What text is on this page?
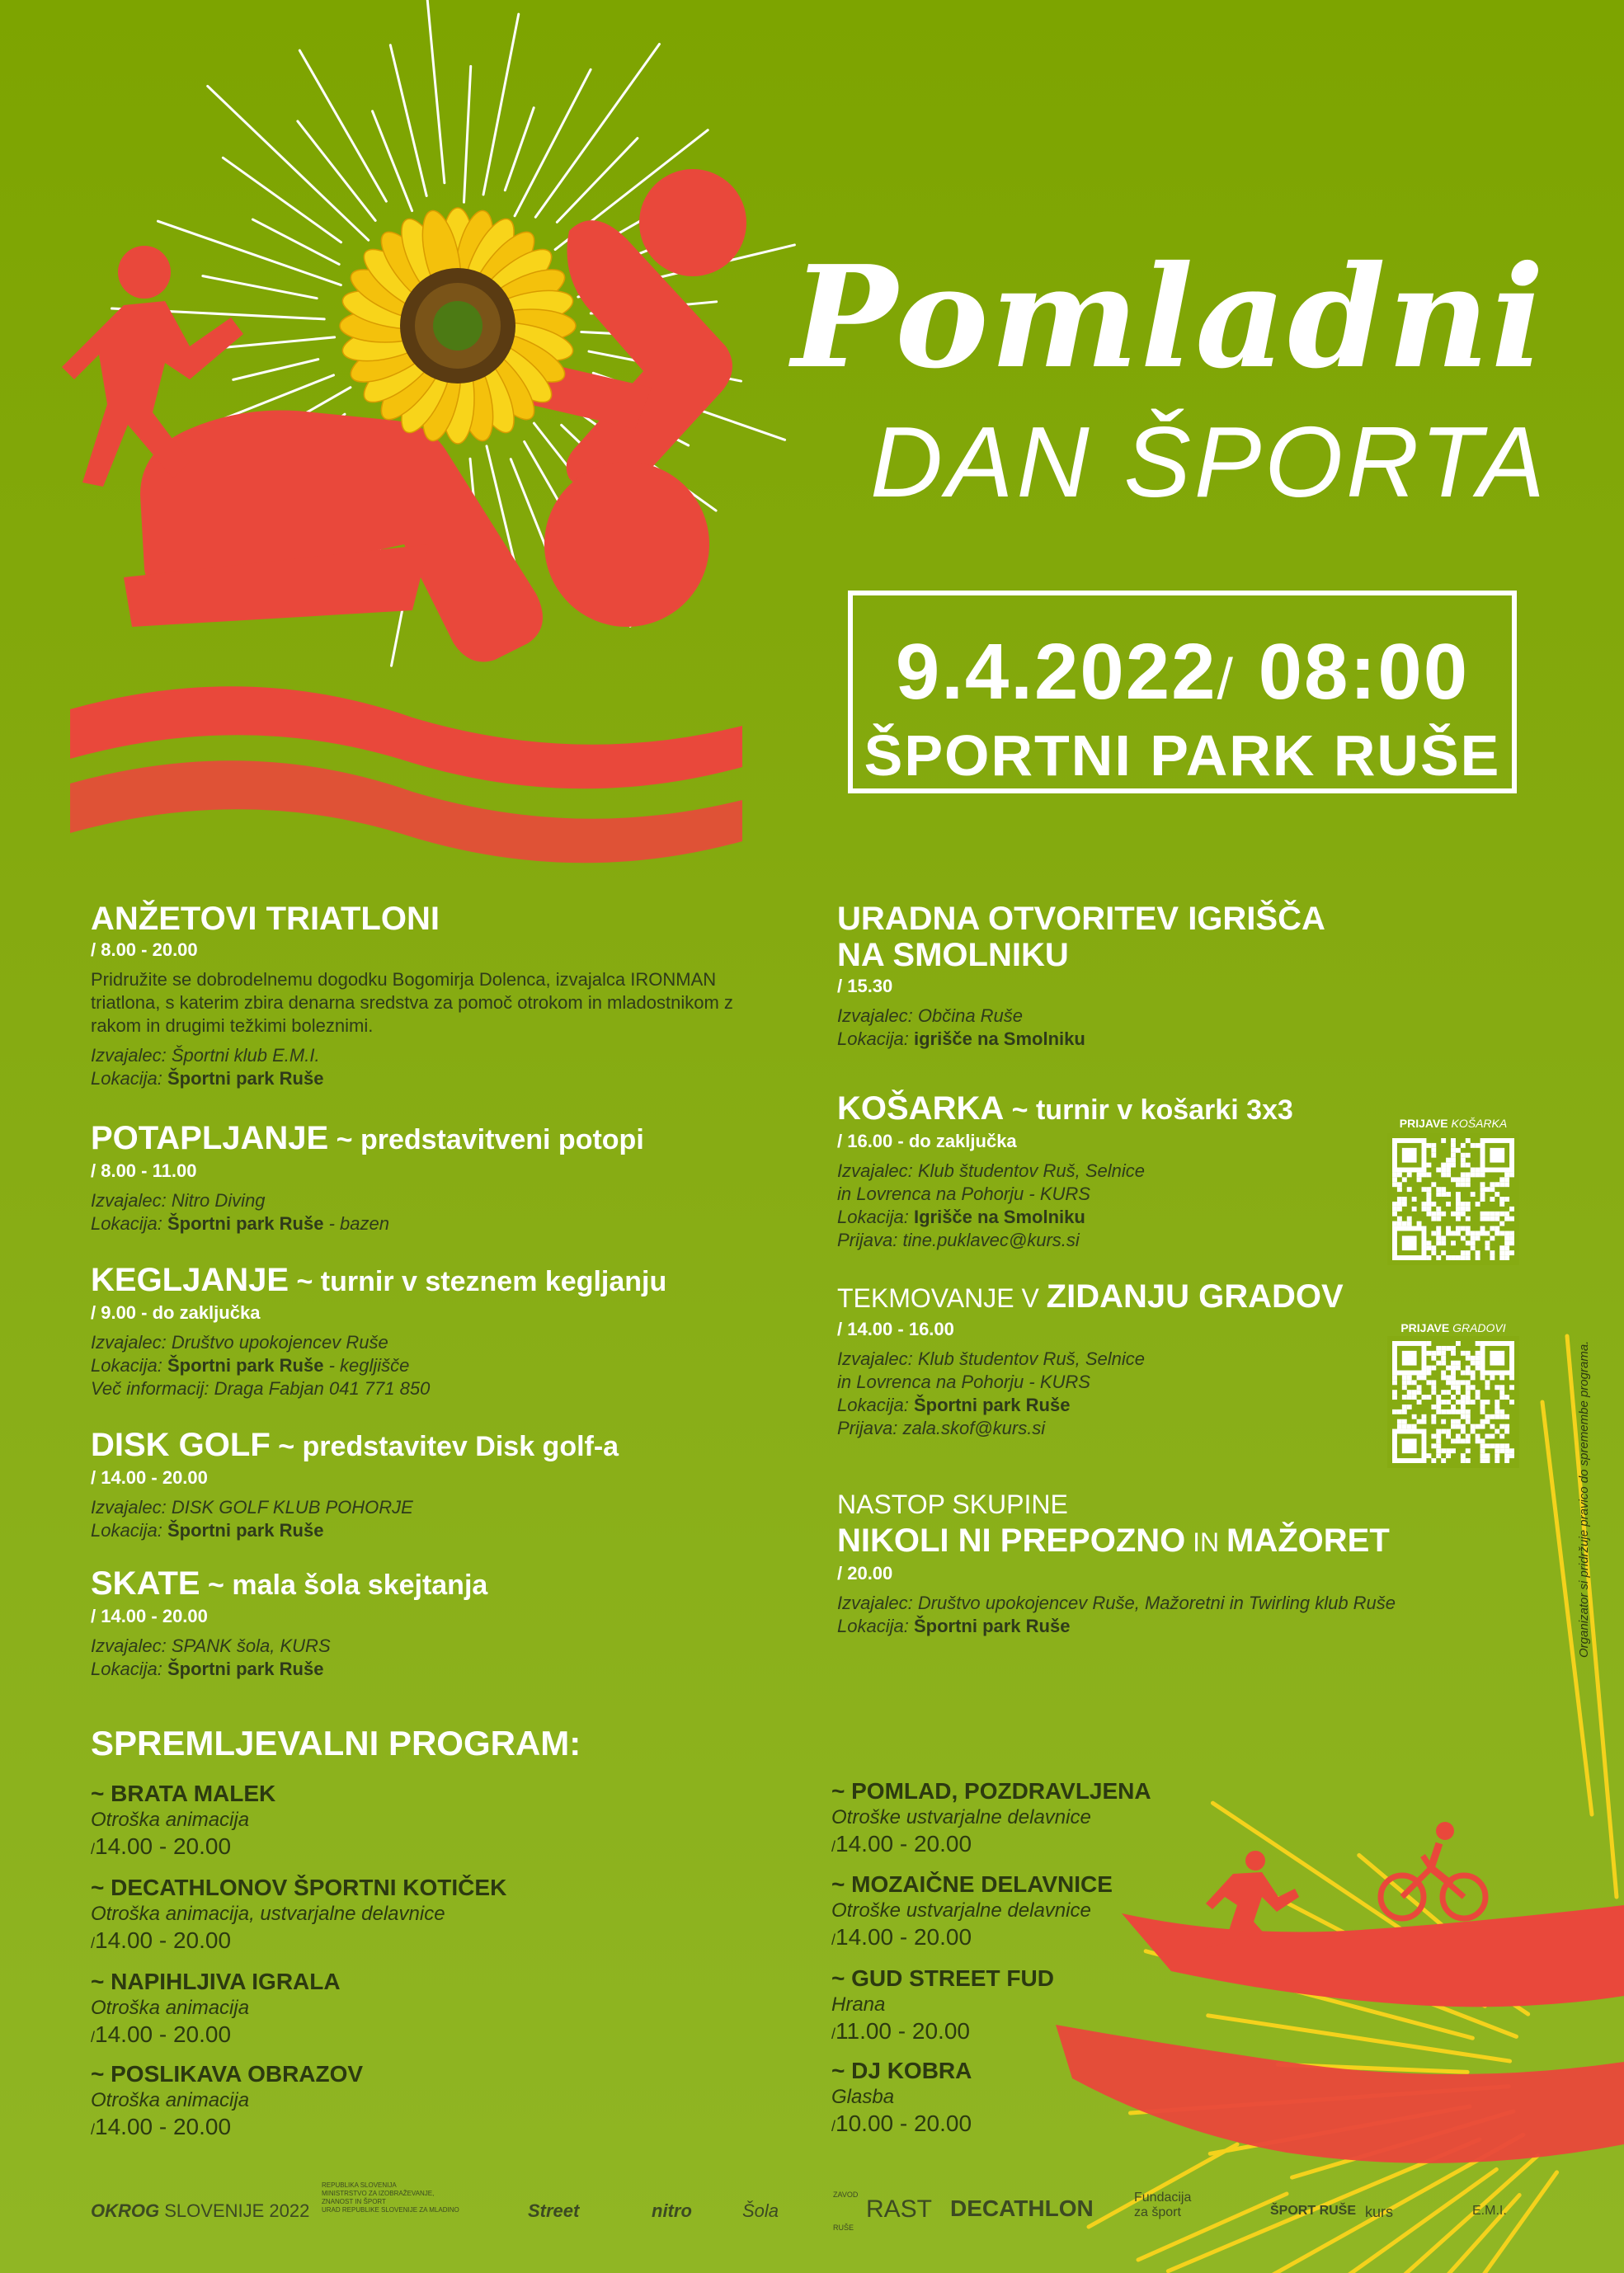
Pomladni
DAN ŠPORTA
9.4.2022/ 08:00
ŠPORTNI PARK RUŠE
ANŽETOVI TRIATLONI
/ 8.00 - 20.00
Pridružite se dobrodelnemu dogodku Bogomirja Dolenca, izvajalca IRONMAN triatlona, s katerim zbira denarna sredstva za pomoč otrokom in mladostnikom z rakom in drugimi težkimi boleznimi.
Izvajalec: Športni klub E.M.I.
Lokacija: Športni park Ruše
POTAPLJANJE ~ predstavitveni potopi
/ 8.00 - 11.00
Izvajalec: Nitro Diving
Lokacija: Športni park Ruše - bazen
KEGLJANJE ~ turnir v steznem kegljanju
/ 9.00 - do zaključka
Izvajalec: Društvo upokojencev Ruše
Lokacija: Športni park Ruše - kegljišče
Več informacij: Draga Fabjan 041 771 850
DISK GOLF ~ predstavitev Disk golf-a
/ 14.00 - 20.00
Izvajalec: DISK GOLF KLUB POHORJE
Lokacija: Športni park Ruše
SKATE ~ mala šola skejtanja
/ 14.00 - 20.00
Izvajalec: SPANK šola, KURS
Lokacija: Športni park Ruše
URADNA OTVORITEV IGRIŠČA
NA SMOLNIKU
/ 15.30
Izvajalec: Občina Ruše
Lokacija: igrišče na Smolniku
KOŠARKA ~ turnir v košarki 3x3
/ 16.00 - do zaključka
Izvajalec: Klub študentov Ruš, Selnice
in Lovrenca na Pohorju - KURS
Lokacija: Igrišče na Smolniku
Prijava: tine.puklavec@kurs.si
TEKMOVANJE V ZIDANJU GRADOV
/ 14.00 - 16.00
Izvajalec: Klub študentov Ruš, Selnice
in Lovrenca na Pohorju - KURS
Lokacija: Športni park Ruše
Prijava: zala.skof@kurs.si
NASTOP SKUPINE
NIKOLI NI PREPOZNO IN MAŽORET
/ 20.00
Izvajalec: Društvo upokojencev Ruše, Mažoretni in Twirling klub Ruše
Lokacija: Športni park Ruše
PRIJAVE KOŠARKA
PRIJAVE GRADOVI
Organizator si pridržuje pravico do spremembe programa.
SPREMLJEVALNI PROGRAM:
~ BRATA MALEK
Otroška animacija
/14.00 - 20.00
~ DECATHLONOV ŠPORTNI KOTIČEK
Otroška animacija, ustvarjalne delavnice
/14.00 - 20.00
~ NAPIHLJIVA IGRALA
Otroška animacija
/14.00 - 20.00
~ POSLIKAVA OBRAZOV
Otroška animacija
/14.00 - 20.00
~ POMLAD, POZDRAVLJENA
Otroške ustvarjalne delavnice
/14.00 - 20.00
~ MOZAIČNE DELAVNICE
Otroške ustvarjalne delavnice
/14.00 - 20.00
~ GUD STREET FUD
Hrana
/11.00 - 20.00
~ DJ KOBRA
Glasba
/10.00 - 20.00
OKROG SLOVENIJE 2022
REPUBLIKA SLOVENIJA
MINISTRSTVO ZA IZOBRAŽEVANJE,
ZNANOST IN ŠPORT
URAD REPUBLIKE SLOVENIJE ZA MLADINO	Street	nitro	Šola
ZAVOD
RAST
RUŠE
DECATHLON	Fundacija
za šport	ŠPORT RUŠE kurs	E.M.I.
